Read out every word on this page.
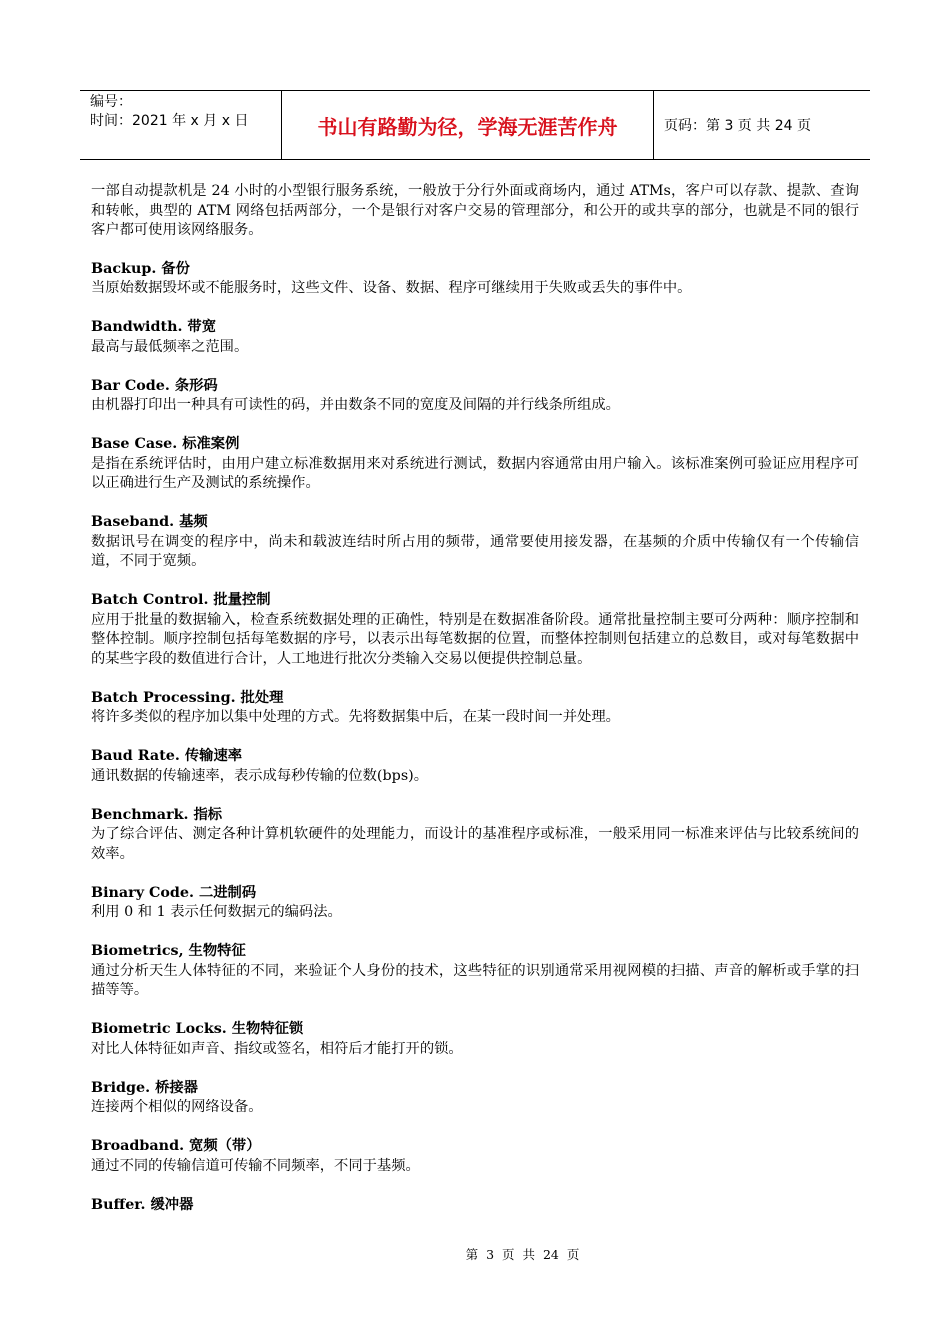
编号：
时间：2021 年 x 月 x 日	书山有路勤为径，学海无涯苦作舟	页码：第 3 页 共 24 页

一部自动提款机是 24 小时的小型银行服务系统，一般放于分行外面或商场内，通过 ATMs，客户可以存款、提款、查询和转帐，典型的 ATM 网络包括两部分，一个是银行对客户交易的管理部分，和公开的或共享的部分，也就是不同的银行客户都可使用该网络服务。

Backup. 备份
当原始数据毁坏或不能服务时，这些文件、设备、数据、程序可继续用于失败或丢失的事件中。
Bandwidth. 带宽
最高与最低频率之范围。
Bar Code. 条形码
由机器打印出一种具有可读性的码，并由数条不同的宽度及间隔的并行线条所组成。
Base Case. 标准案例
是指在系统评估时，由用户建立标准数据用来对系统进行测试，数据内容通常由用户输入。该标准案例可验证应用程序可以正确进行生产及测试的系统操作。
Baseband. 基频
数据讯号在调变的程序中，尚未和载波连结时所占用的频带，通常要使用接发器，在基频的介质中传输仅有一个传输信道，不同于宽频。
Batch Control. 批量控制
应用于批量的数据输入，检查系统数据处理的正确性，特别是在数据准备阶段。通常批量控制主要可分两种：顺序控制和整体控制。顺序控制包括每笔数据的序号，以表示出每笔数据的位置，而整体控制则包括建立的总数目，或对每笔数据中的某些字段的数值进行合计，人工地进行批次分类输入交易以便提供控制总量。
Batch Processing. 批处理
将许多类似的程序加以集中处理的方式。先将数据集中后，在某一段时间一并处理。
Baud Rate. 传输速率
通讯数据的传输速率，表示成每秒传输的位数(bps)。
Benchmark. 指标
为了综合评估、测定各种计算机软硬件的处理能力，而设计的基准程序或标准，一般采用同一标准来评估与比较系统间的效率。
Binary Code. 二进制码
利用 0 和 1 表示任何数据元的编码法。
Biometrics, 生物特征
通过分析天生人体特征的不同，来验证个人身份的技术，这些特征的识别通常采用视网模的扫描、声音的解析或手掌的扫描等等。
Biometric Locks. 生物特征锁
对比人体特征如声音、指纹或签名，相符后才能打开的锁。
Bridge. 桥接器
连接两个相似的网络设备。
Broadband. 宽频（带）
通过不同的传输信道可传输不同频率，不同于基频。
Buffer. 缓冲器
第 3 页 共 24 页
